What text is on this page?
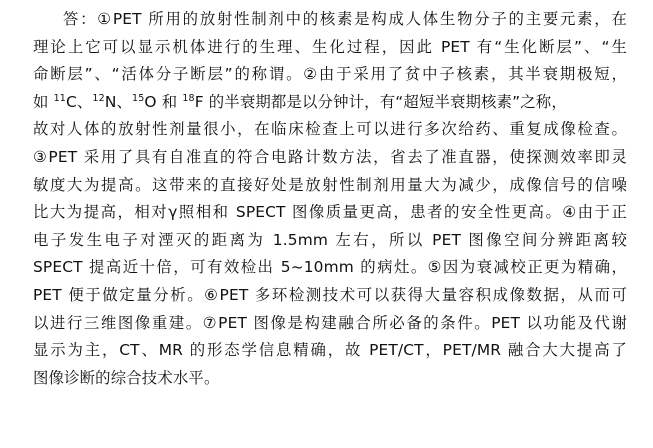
答：①PET 所用的放射性制剂中的核素是构成人体生物分子的主要元素，在
理论上它可以显示机体进行的生理、生化过程，因此 PET 有“生化断层”、“生
命断层”、“活体分子断层”的称谓。②由于采用了贫中子核素，其半衰期极短，
如 $^{11}$C、$^{12}$N、$^{15}$O 和 $^{18}$F 的半衰期都是以分钟计，有“超短半衰期核素”之称，
故对人体的放射性剂量很小，在临床检查上可以进行多次给药、重复成像检查。
③PET 采用了具有自准直的符合电路计数方法，省去了准直器，使探测效率即灵
敏度大为提高。这带来的直接好处是放射性制剂用量大为减少，成像信号的信噪
比大为提高，相对γ照相和 SPECT 图像质量更高，患者的安全性更高。④由于正
电子发生电子对湮灭的距离为 1.5mm 左右，所以 PET 图像空间分辨距离较
SPECT 提高近十倍，可有效检出 5~10mm 的病灶。⑤因为衰减校正更为精确，
PET 便于做定量分析。⑥PET 多环检测技术可以获得大量容积成像数据，从而可
以进行三维图像重建。⑦PET 图像是构建融合所必备的条件。PET 以功能及代谢
显示为主，CT、MR 的形态学信息精确，故 PET/CT，PET/MR 融合大大提高了
图像诊断的综合技术水平。
